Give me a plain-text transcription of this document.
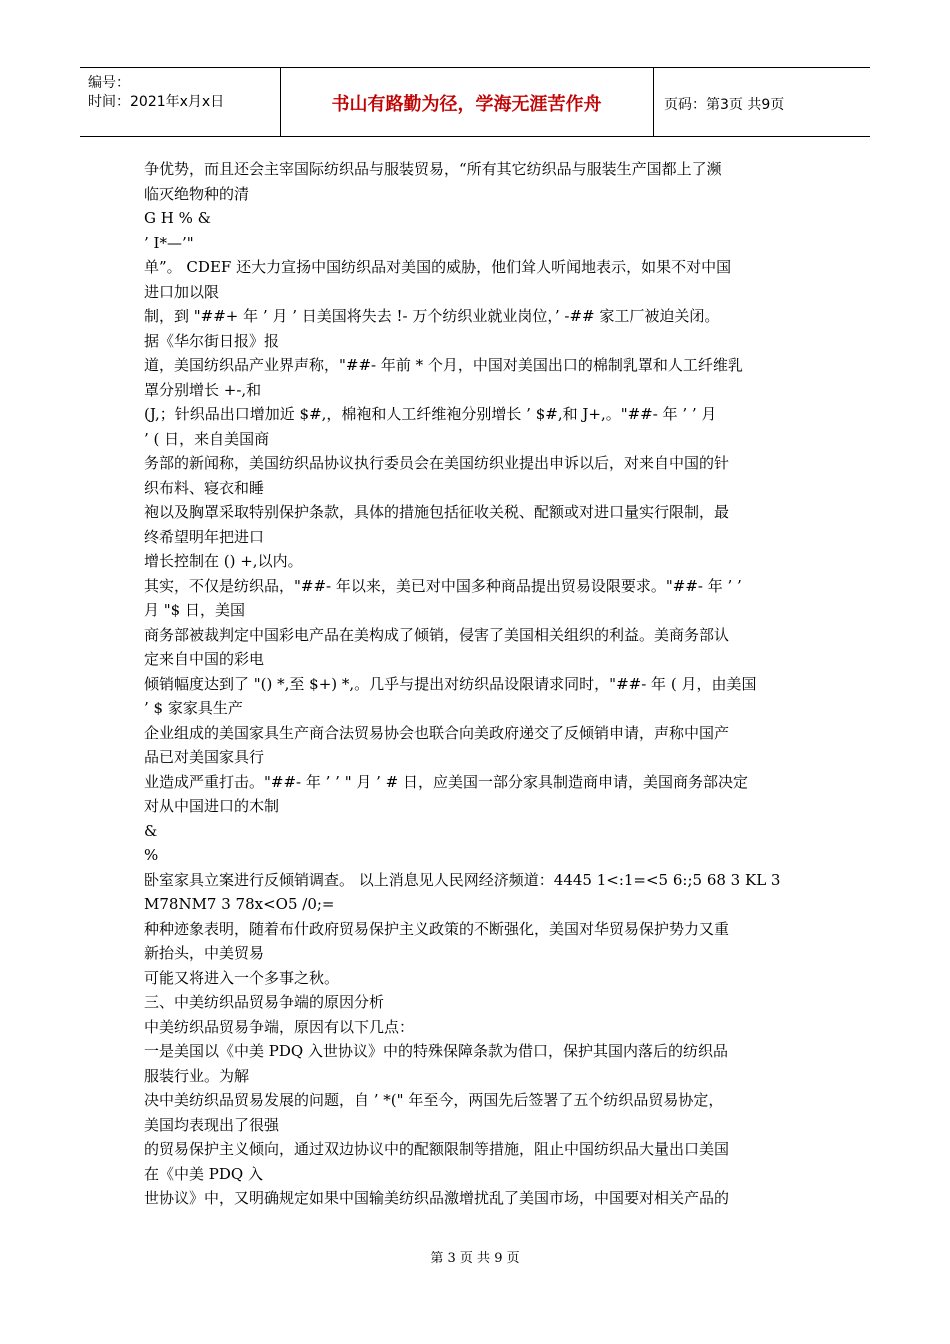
编号：
时间：2021年x月x日	书山有路勤为径，学海无涯苦作舟	页码：第3页 共9页
争优势，而且还会主宰国际纺织品与服装贸易，“所有其它纺织品与服装生产国都上了濒
临灭绝物种的清
G H % &
’ I*—’"
单”。 CDEF 还大力宣扬中国纺织品对美国的威胁，他们耸人听闻地表示，如果不对中国
进口加以限
制，到 "##+ 年 ’ 月 ’ 日美国将失去 !- 万个纺织业就业岗位，’ -## 家工厂被迫关闭。
据《华尔街日报》报
道，美国纺织品产业界声称，"##- 年前 * 个月，中国对美国出口的棉制乳罩和人工纤维乳
罩分别增长 +-,和
(J,；针织品出口增加近 $#,，棉袍和人工纤维袍分别增长 ’ $#,和 J+,。"##- 年 ’ ’ 月
’ ( 日，来自美国商
务部的新闻称，美国纺织品协议执行委员会在美国纺织业提出申诉以后，对来自中国的针
织布料、寝衣和睡
袍以及胸罩采取特别保护条款，具体的措施包括征收关税、配额或对进口量实行限制，最
终希望明年把进口
增长控制在 () +,以内。
其实，不仅是纺织品，"##- 年以来，美已对中国多种商品提出贸易设限要求。"##- 年 ’ ’
月 "$ 日，美国
商务部被裁判定中国彩电产品在美构成了倾销，侵害了美国相关组织的利益。美商务部认
定来自中国的彩电
倾销幅度达到了 "() *,至 $+) *,。几乎与提出对纺织品设限请求同时，"##- 年 ( 月，由美国
’ $ 家家具生产
企业组成的美国家具生产商合法贸易协会也联合向美政府递交了反倾销申请，声称中国产
品已对美国家具行
业造成严重打击。"##- 年 ’ ’ " 月 ’ # 日，应美国一部分家具制造商申请，美国商务部决定
对从中国进口的木制
&
%
卧室家具立案进行反倾销调查。 以上消息见人民网经济频道：4445 1<:1=<5 6:;5 68 3 KL 3
M78NM7 3 78x<O5 /0;=
种种迹象表明，随着布什政府贸易保护主义政策的不断强化，美国对华贸易保护势力又重
新抬头，中美贸易
可能又将进入一个多事之秋。
三、中美纺织品贸易争端的原因分析
中美纺织品贸易争端，原因有以下几点：
一是美国以《中美 PDQ 入世协议》中的特殊保障条款为借口，保护其国内落后的纺织品
服装行业。为解
决中美纺织品贸易发展的问题，自 ’ *(" 年至今，两国先后签署了五个纺织品贸易协定，
美国均表现出了很强
的贸易保护主义倾向，通过双边协议中的配额限制等措施，阻止中国纺织品大量出口美国
在《中美 PDQ 入
世协议》中，又明确规定如果中国输美纺织品激增扰乱了美国市场，中国要对相关产品的
第 3 页 共 9 页
